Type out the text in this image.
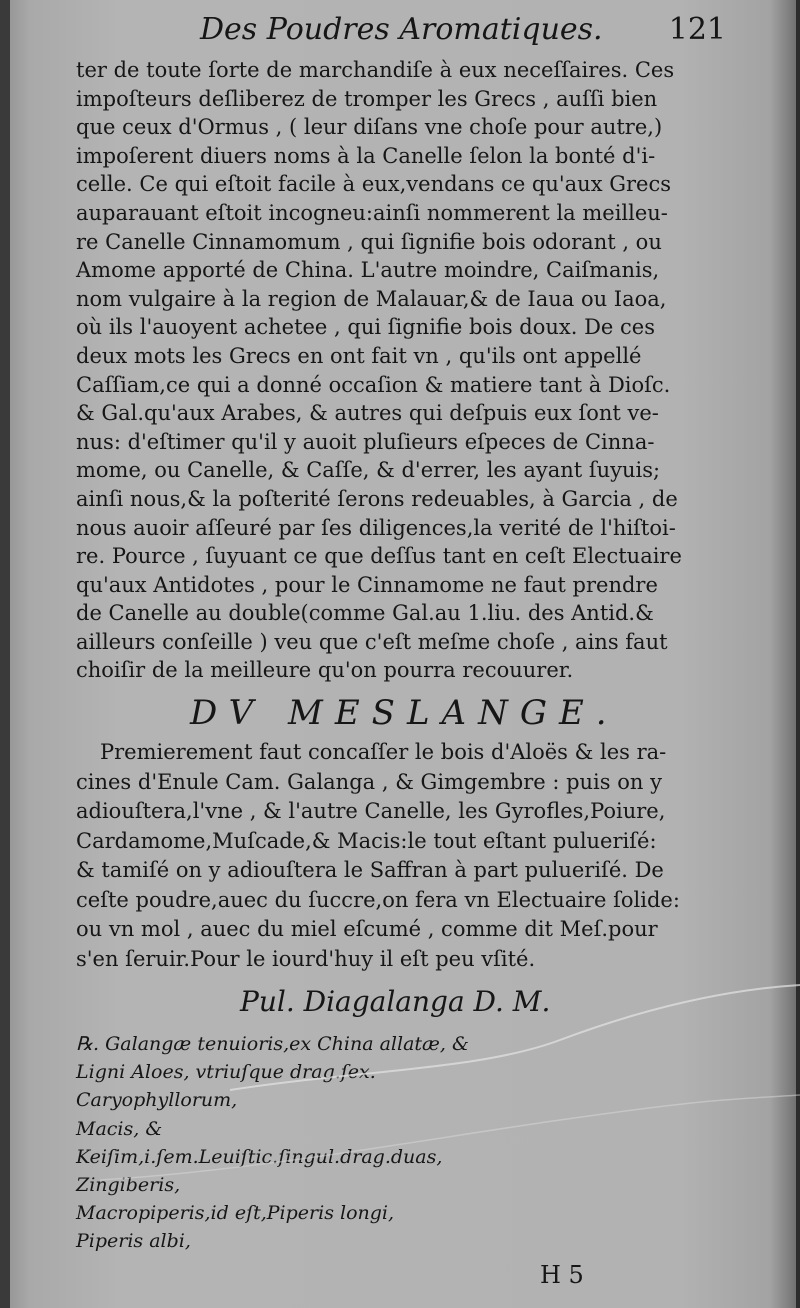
Des Poudres Aromatiques.	121
ter de toute ſorte de marchandiſe à eux neceſſaires. Ces
impoſteurs deſliberez de tromper les Grecs , auſſi bien
que ceux d'Ormus , ( leur diſans vne choſe pour autre,)
impoſerent diuers noms à la Canelle ſelon la bonté d'i-
celle. Ce qui eſtoit facile à eux,vendans ce qu'aux Grecs
auparauant eſtoit incogneu:ainſi nommerent la meilleu-
re Canelle Cinnamomum , qui ſignifie bois odorant , ou
Amome apporté de China. L'autre moindre, Caiſmanis,
nom vulgaire à la region de Malauar,& de Iaua ou Iaoa,
où ils l'auoyent achetee , qui ſignifie bois doux. De ces
deux mots les Grecs en ont fait vn , qu'ils ont appellé
Caſſiam,ce qui a donné occaſion & matiere tant à Dioſc.
& Gal.qu'aux Arabes, & autres qui deſpuis eux ſont ve-
nus: d'eſtimer qu'il y auoit pluſieurs eſpeces de Cinna-
mome, ou Canelle, & Caſſe, & d'errer, les ayant ſuyuis;
ainſi nous,& la poſterité ſerons redeuables, à Garcia , de
nous auoir aſſeuré par ſes diligences,la verité de l'hiſtoi-
re. Pource , ſuyuant ce que deſſus tant en ceſt Electuaire
qu'aux Antidotes , pour le Cinnamome ne faut prendre
de Canelle au double(comme Gal.au 1.liu. des Antid.&
ailleurs conſeille ) veu que c'eſt meſme choſe , ains faut
choiſir de la meilleure qu'on pourra recouurer.
DV MESLANGE.
Premierement faut concaſſer le bois d'Aloës & les ra-
cines d'Enule Cam. Galanga , & Gimgembre : puis on y
adiouſtera,l'vne , & l'autre Canelle, les Gyrofles,Poiure,
Cardamome,Muſcade,& Macis:le tout eſtant pulueriſé:
& tamiſé on y adiouſtera le Saffran à part pulueriſé. De
ceſte poudre,auec du ſuccre,on fera vn Electuaire ſolide:
ou vn mol , auec du miel eſcumé , comme dit Meſ.pour
s'en ſeruir.Pour le iourd'huy il eſt peu vſité.
Pul. Diagalanga D. M.
℞. Galangæ tenuioris,ex China allatæ, &
Ligni Aloes, vtriuſque drag.ſex.
Caryophyllorum,
Macis, &
Keiſim,i.ſem.Leuiſtic.ſingul.drag.duas,
Zingiberis,
Macropiperis,id eſt,Piperis longi,
Piperis albi,
H 5
